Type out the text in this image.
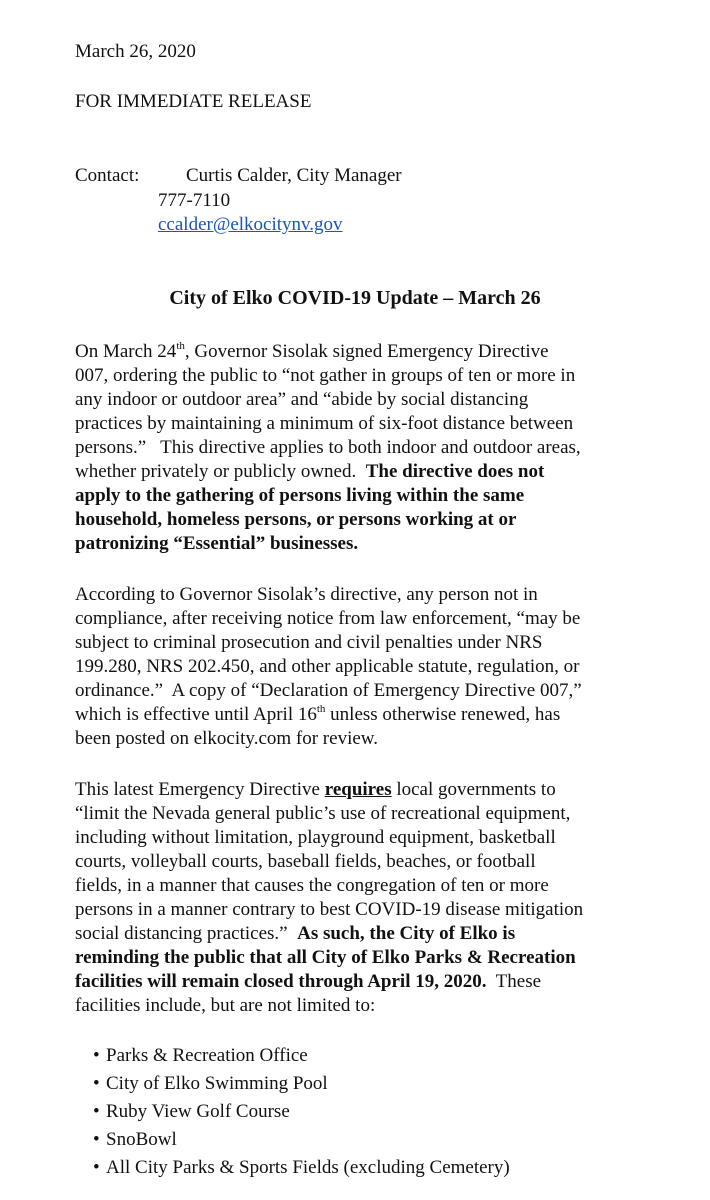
March 26, 2020
FOR IMMEDIATE RELEASE
Contact: Curtis Calder, City Manager
777-7110
ccalder@elkocitynv.gov
City of Elko COVID-19 Update – March 26
On March 24th, Governor Sisolak signed Emergency Directive
007, ordering the public to “not gather in groups of ten or more in
any indoor or outdoor area” and “abide by social distancing
practices by maintaining a minimum of six-foot distance between
persons.”   This directive applies to both indoor and outdoor areas,
whether privately or publicly owned.  The directive does not
apply to the gathering of persons living within the same
household, homeless persons, or persons working at or
patronizing “Essential” businesses.
According to Governor Sisolak’s directive, any person not in
compliance, after receiving notice from law enforcement, “may be
subject to criminal prosecution and civil penalties under NRS
199.280, NRS 202.450, and other applicable statute, regulation, or
ordinance.”  A copy of “Declaration of Emergency Directive 007,”
which is effective until April 16th unless otherwise renewed, has
been posted on elkocity.com for review.
This latest Emergency Directive requires local governments to
“limit the Nevada general public’s use of recreational equipment,
including without limitation, playground equipment, basketball
courts, volleyball courts, baseball fields, beaches, or football
fields, in a manner that causes the congregation of ten or more
persons in a manner contrary to best COVID-19 disease mitigation
social distancing practices.”  As such, the City of Elko is
reminding the public that all City of Elko Parks & Recreation
facilities will remain closed through April 19, 2020.  These
facilities include, but are not limited to:
• Parks & Recreation Office
• City of Elko Swimming Pool
• Ruby View Golf Course
• SnoBowl
• All City Parks & Sports Fields (excluding Cemetery)
